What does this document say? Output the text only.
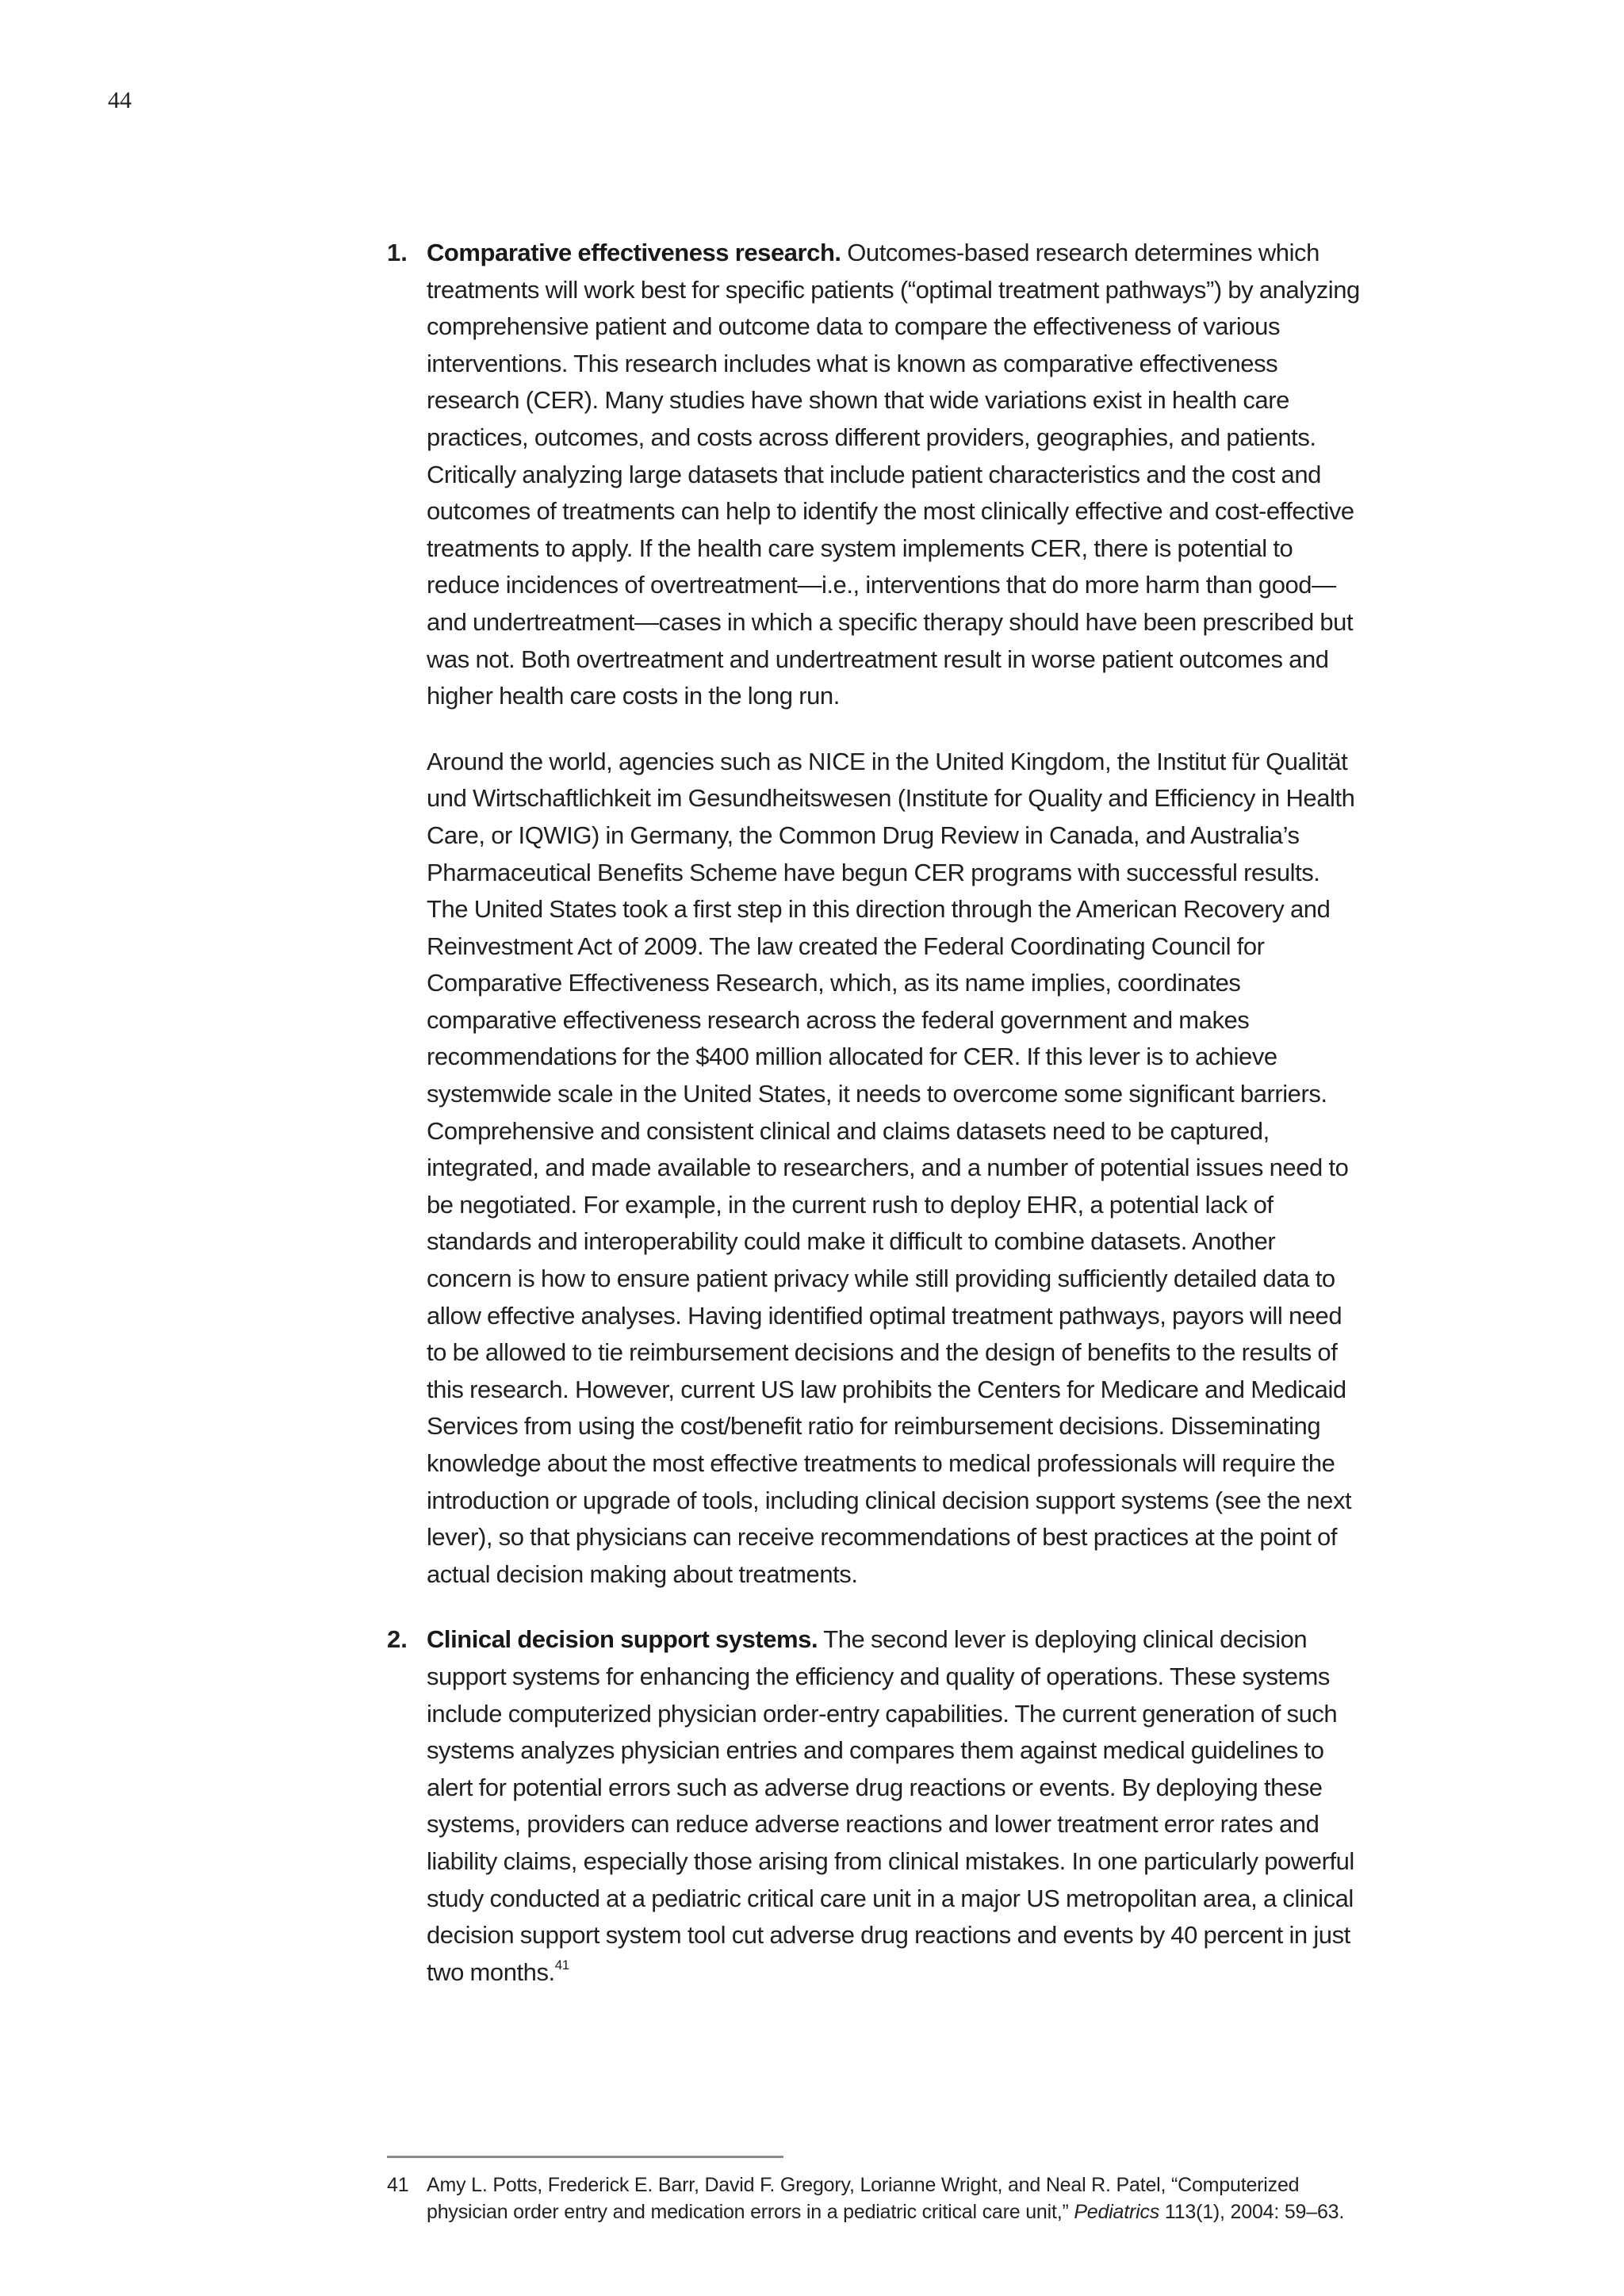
44
1. Comparative effectiveness research. Outcomes-based research determines which treatments will work best for specific patients (“optimal treatment pathways”) by analyzing comprehensive patient and outcome data to compare the effectiveness of various interventions. This research includes what is known as comparative effectiveness research (CER). Many studies have shown that wide variations exist in health care practices, outcomes, and costs across different providers, geographies, and patients. Critically analyzing large datasets that include patient characteristics and the cost and outcomes of treatments can help to identify the most clinically effective and cost-effective treatments to apply. If the health care system implements CER, there is potential to reduce incidences of overtreatment—i.e., interventions that do more harm than good—and undertreatment—cases in which a specific therapy should have been prescribed but was not. Both overtreatment and undertreatment result in worse patient outcomes and higher health care costs in the long run.

Around the world, agencies such as NICE in the United Kingdom, the Institut für Qualität und Wirtschaftlichkeit im Gesundheitswesen (Institute for Quality and Efficiency in Health Care, or IQWIG) in Germany, the Common Drug Review in Canada, and Australia’s Pharmaceutical Benefits Scheme have begun CER programs with successful results. The United States took a first step in this direction through the American Recovery and Reinvestment Act of 2009. The law created the Federal Coordinating Council for Comparative Effectiveness Research, which, as its name implies, coordinates comparative effectiveness research across the federal government and makes recommendations for the $400 million allocated for CER. If this lever is to achieve systemwide scale in the United States, it needs to overcome some significant barriers. Comprehensive and consistent clinical and claims datasets need to be captured, integrated, and made available to researchers, and a number of potential issues need to be negotiated. For example, in the current rush to deploy EHR, a potential lack of standards and interoperability could make it difficult to combine datasets. Another concern is how to ensure patient privacy while still providing sufficiently detailed data to allow effective analyses. Having identified optimal treatment pathways, payors will need to be allowed to tie reimbursement decisions and the design of benefits to the results of this research. However, current US law prohibits the Centers for Medicare and Medicaid Services from using the cost/benefit ratio for reimbursement decisions. Disseminating knowledge about the most effective treatments to medical professionals will require the introduction or upgrade of tools, including clinical decision support systems (see the next lever), so that physicians can receive recommendations of best practices at the point of actual decision making about treatments.

2. Clinical decision support systems. The second lever is deploying clinical decision support systems for enhancing the efficiency and quality of operations. These systems include computerized physician order-entry capabilities. The current generation of such systems analyzes physician entries and compares them against medical guidelines to alert for potential errors such as adverse drug reactions or events. By deploying these systems, providers can reduce adverse reactions and lower treatment error rates and liability claims, especially those arising from clinical mistakes. In one particularly powerful study conducted at a pediatric critical care unit in a major US metropolitan area, a clinical decision support system tool cut adverse drug reactions and events by 40 percent in just two months.$^{41}$

41 Amy L. Potts, Frederick E. Barr, David F. Gregory, Lorianne Wright, and Neal R. Patel, “Computerized physician order entry and medication errors in a pediatric critical care unit,” Pediatrics 113(1), 2004: 59–63.
